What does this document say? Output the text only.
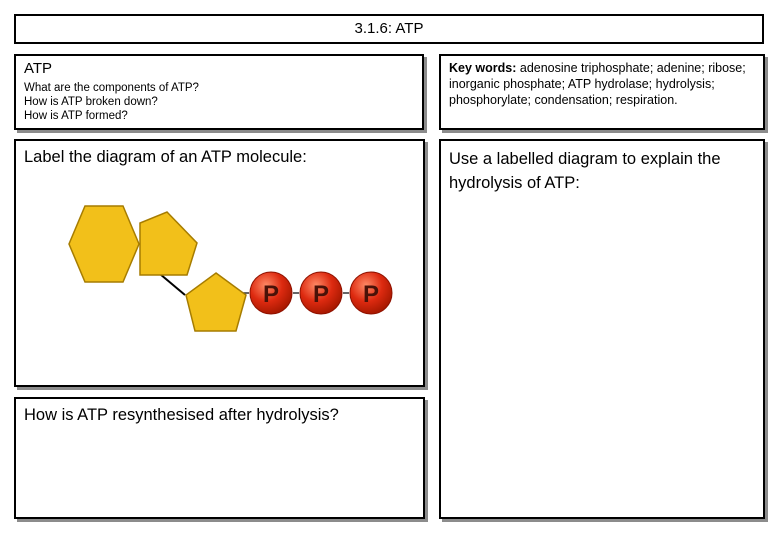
3.1.6: ATP
ATP
What are the components of ATP?
How is ATP broken down?
How is ATP formed?

Key words: adenosine triphosphate; adenine; ribose; inorganic phosphate; ATP hydrolase; hydrolysis; phosphorylate; condensation; respiration.

Label the diagram of an ATP molecule:
P P P
Use a labelled diagram to explain the hydrolysis of ATP:
How is ATP resynthesised after hydrolysis?
